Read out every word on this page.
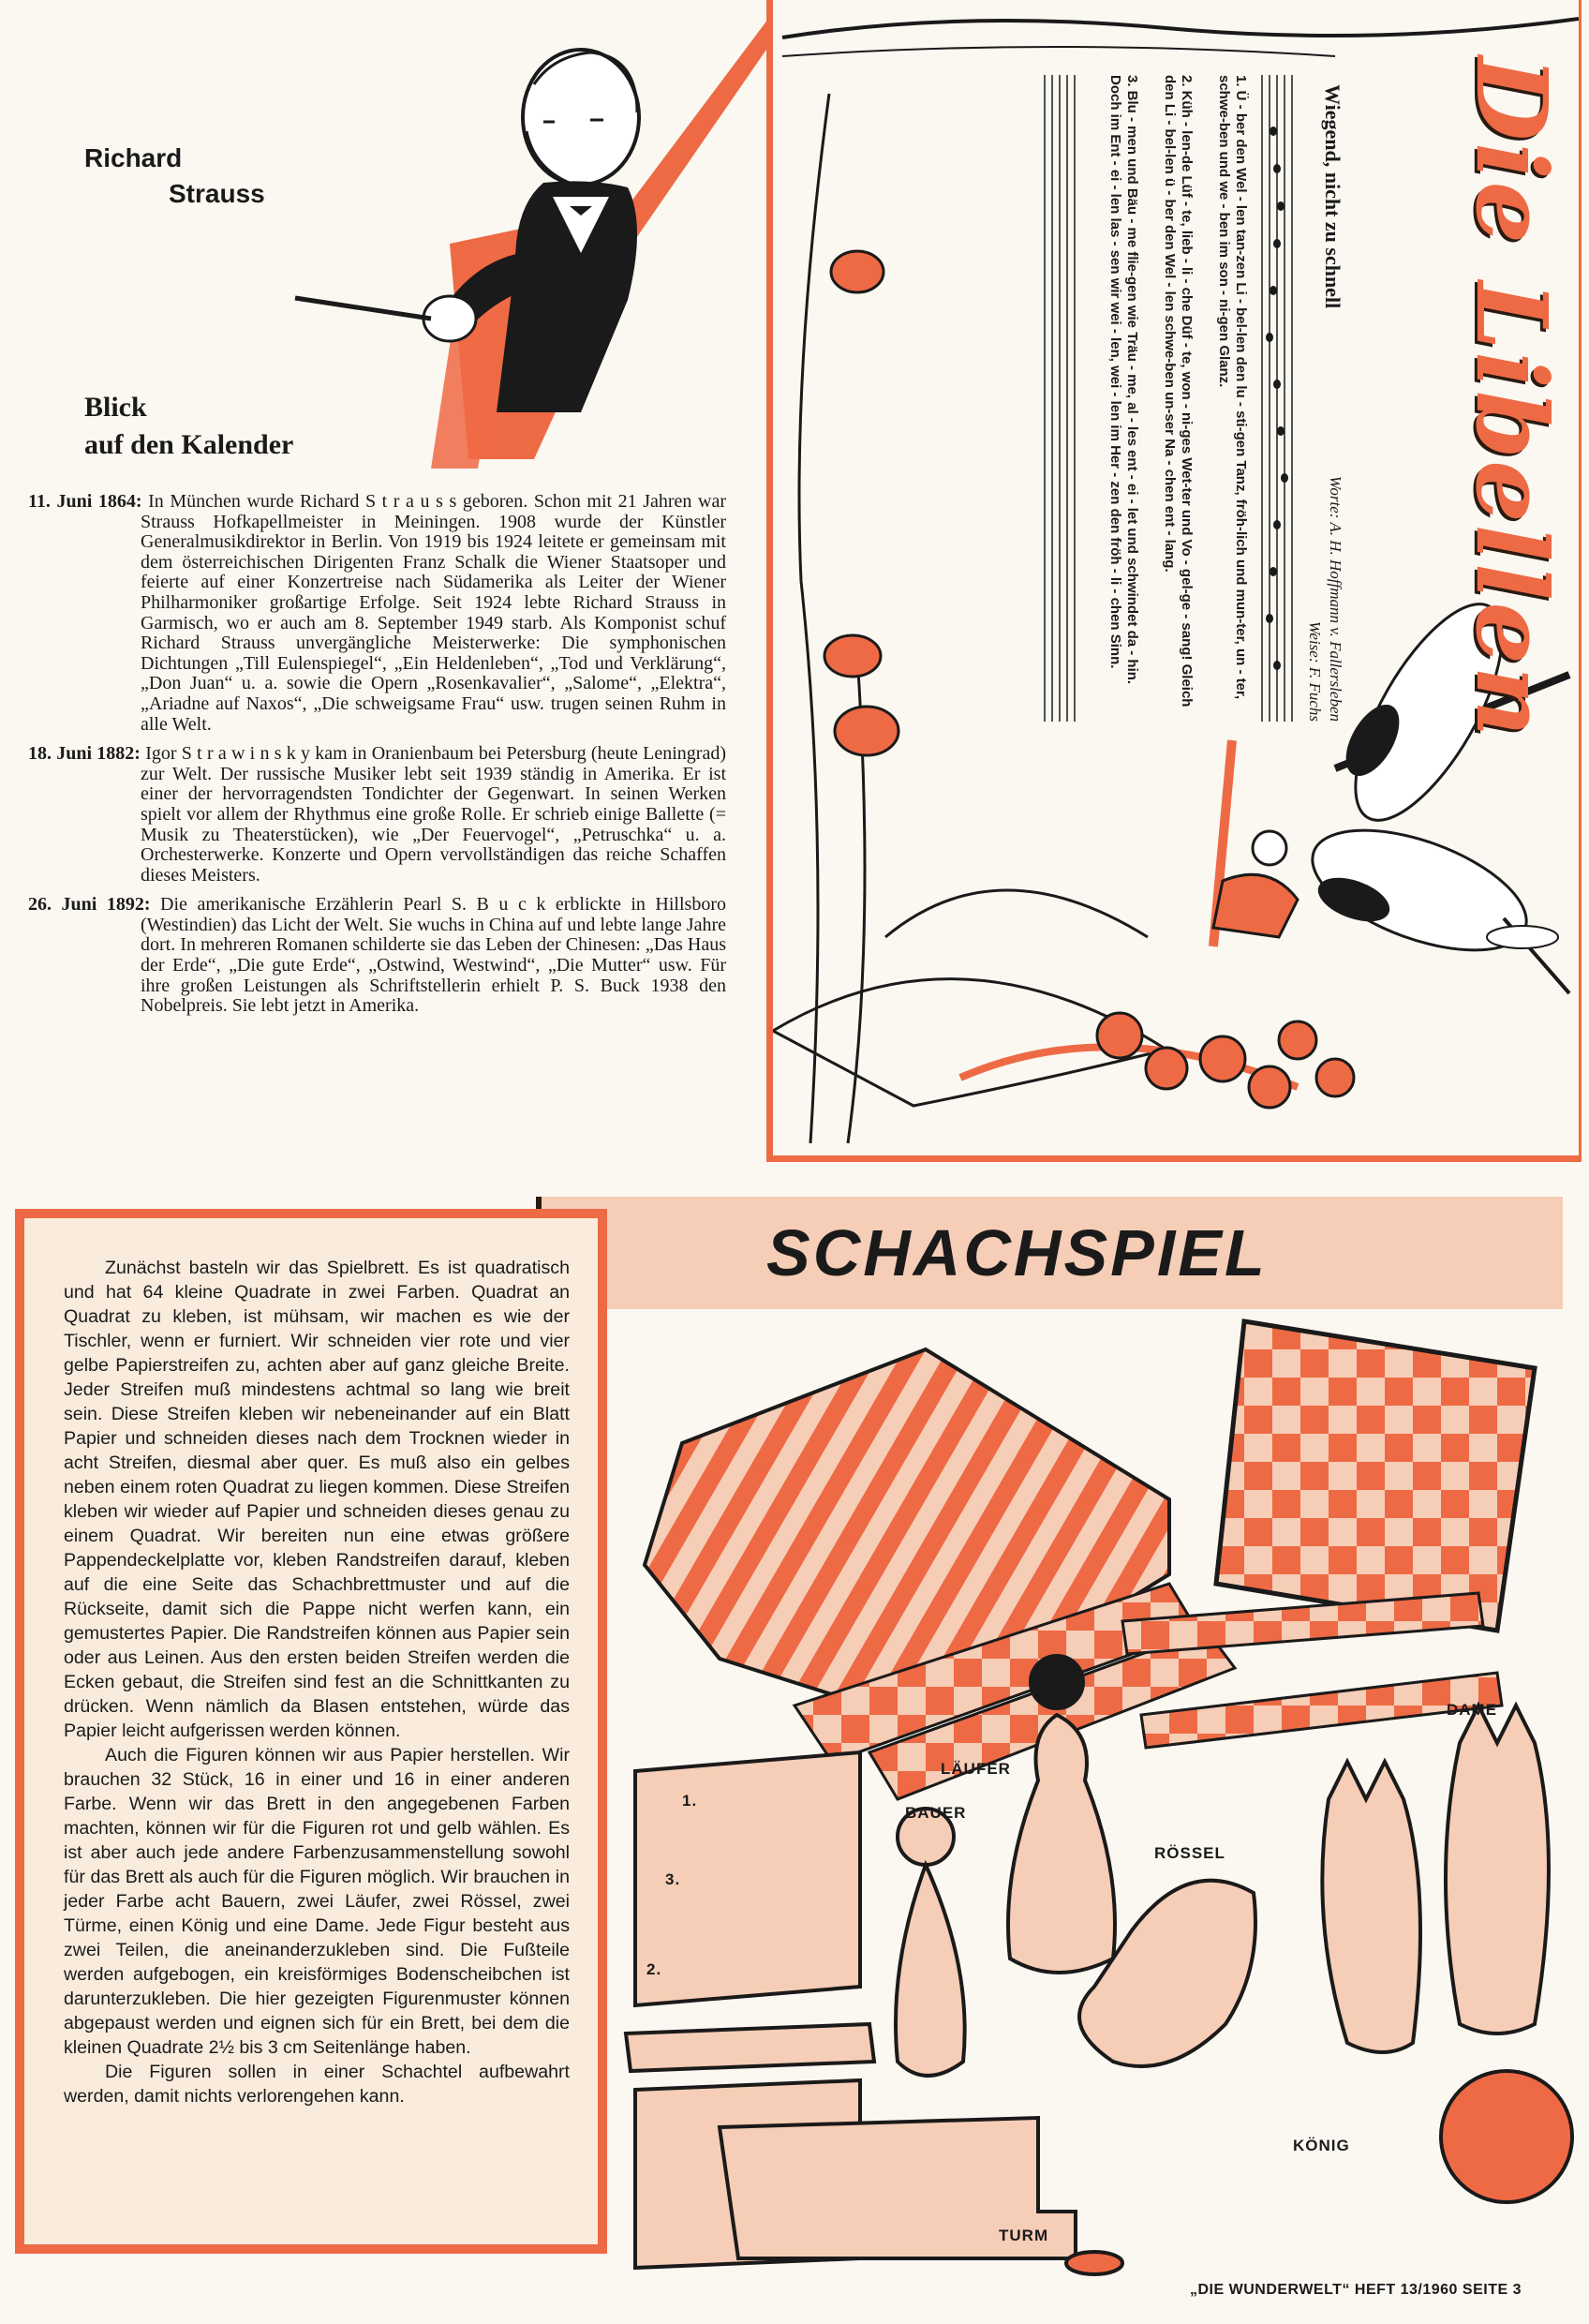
Richard
Strauss
Blick
auf den Kalender
11. Juni 1864: In München wurde Richard S t r a u s s geboren. Schon mit 21 Jahren war Strauss Hofkapellmeister in Meiningen. 1908 wurde der Künstler Generalmusikdirektor in Berlin. Von 1919 bis 1924 leitete er gemeinsam mit dem österreichischen Dirigenten Franz Schalk die Wiener Staatsoper und feierte auf einer Konzertreise nach Südamerika als Leiter der Wiener Philharmoniker großartige Erfolge. Seit 1924 lebte Richard Strauss in Garmisch, wo er auch am 8. September 1949 starb. Als Komponist schuf Richard Strauss unvergängliche Meisterwerke: Die symphonischen Dichtungen „Till Eulenspiegel“, „Ein Heldenleben“, „Tod und Verklärung“, „Don Juan“ u. a. sowie die Opern „Rosenkavalier“, „Salome“, „Elektra“, „Ariadne auf Naxos“, „Die schweigsame Frau“ usw. trugen seinen Ruhm in alle Welt.
18. Juni 1882: Igor S t r a w i n s k y kam in Oranienbaum bei Petersburg (heute Leningrad) zur Welt. Der russische Musiker lebt seit 1939 ständig in Amerika. Er ist einer der hervorragendsten Tondichter der Gegenwart. In seinen Werken spielt vor allem der Rhythmus eine große Rolle. Er schrieb einige Ballette (= Musik zu Theaterstücken), wie „Der Feuervogel“, „Petruschka“ u. a. Orchesterwerke. Konzerte und Opern vervollständigen das reiche Schaffen dieses Meisters.
26. Juni 1892: Die amerikanische Erzählerin Pearl S. B u c k erblickte in Hillsboro (Westindien) das Licht der Welt. Sie wuchs in China auf und lebte lange Jahre dort. In mehreren Romanen schilderte sie das Leben der Chinesen: „Das Haus der Erde“, „Die gute Erde“, „Ostwind, Westwind“, „Die Mutter“ usw. Für ihre großen Leistungen als Schriftstellerin erhielt P. S. Buck 1938 den Nobelpreis. Sie lebt jetzt in Amerika.
Wiegend, nicht zu schnell
Worte: A. H. Hoffmann v. Fallersleben
Weise: F. Fuchs
1. Ü - ber den Wel - len tan-zen Li - bel-len den lu - sti-gen Tanz, fröh-lich und mun-ter, un - ter, schwe-ben und we - ben im son - ni-gen Glanz.
2. Küh - len-de Lüf - te, lieb - li - che Düf - te, won - ni-ges Wet-ter und Vo - gel-ge - sang! Gleich den Li - bel-len ü - ber den Wel - len schwe-ben un-ser Na - chen ent - lang.
3. Blu - men und Bäu - me flie-gen wie Träu - me, al - les ent - ei - let und schwindet da - hin. Doch im Ent - ei - len las - sen wir wei - len, wei - len im Her - zen den fröh - li - chen Sinn.	Die Libellen
SCHACHSPIEL

Zunächst basteln wir das Spielbrett. Es ist quadratisch und hat 64 kleine Quadrate in zwei Farben. Quadrat an Quadrat zu kleben, ist mühsam, wir machen es wie der Tischler, wenn er furniert. Wir schneiden vier rote und vier gelbe Papierstreifen zu, achten aber auf ganz gleiche Breite. Jeder Streifen muß mindestens achtmal so lang wie breit sein. Diese Streifen kleben wir nebeneinander auf ein Blatt Papier und schneiden dieses nach dem Trocknen wieder in acht Streifen, diesmal aber quer. Es muß also ein gelbes neben einem roten Quadrat zu liegen kommen. Diese Streifen kleben wir wieder auf Papier und schneiden dieses genau zu einem Quadrat. Wir bereiten nun eine etwas größere Pappendeckelplatte vor, kleben Randstreifen darauf, kleben auf die eine Seite das Schachbrettmuster und auf die Rückseite, damit sich die Pappe nicht werfen kann, ein gemustertes Papier. Die Randstreifen können aus Papier sein oder aus Leinen. Aus den ersten beiden Streifen werden die Ecken gebaut, die Streifen sind fest an die Schnittkanten zu drücken. Wenn nämlich da Blasen entstehen, würde das Papier leicht aufgerissen werden können.

Auch die Figuren können wir aus Papier herstellen. Wir brauchen 32 Stück, 16 in einer und 16 in einer anderen Farbe. Wenn wir das Brett in den angegebenen Farben machten, können wir für die Figuren rot und gelb wählen. Es ist aber auch jede andere Farbenzusammenstellung sowohl für das Brett als auch für die Figuren möglich. Wir brauchen in jeder Farbe acht Bauern, zwei Läufer, zwei Rössel, zwei Türme, einen König und eine Dame. Jede Figur besteht aus zwei Teilen, die aneinanderzukleben sind. Die Fußteile werden aufgebogen, ein kreisförmiges Bodenscheibchen ist darunterzukleben. Die hier gezeigten Figurenmuster können abgepaust werden und eignen sich für ein Brett, bei dem die kleinen Quadrate 2½ bis 3 cm Seitenlänge haben.

Die Figuren sollen in einer Schachtel aufbewahrt werden, damit nichts verlorengehen kann.

LÄUFER
BAUER
RÖSSEL
DAME
KÖNIG
TURM
1.
3.
2.
„DIE WUNDERWELT“ HEFT 13/1960 SEITE 3
